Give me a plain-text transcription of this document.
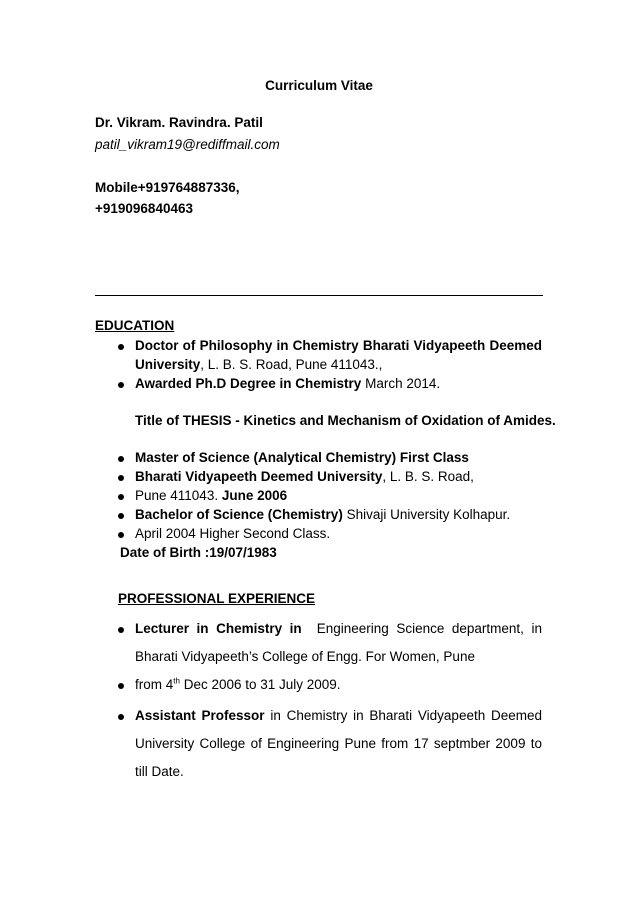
Curriculum Vitae
Dr. Vikram. Ravindra. Patil
patil_vikram19@rediffmail.com
Mobile+919764887336,
+919096840463
EDUCATION
Doctor of Philosophy in Chemistry Bharati Vidyapeeth Deemed
University, L. B. S. Road, Pune 411043.,
Awarded Ph.D Degree in Chemistry March 2014.
Title of THESIS - Kinetics and Mechanism of Oxidation of Amides.
Master of Science (Analytical Chemistry) First Class
Bharati Vidyapeeth Deemed University, L. B. S. Road,
Pune 411043. June 2006
Bachelor of Science (Chemistry) Shivaji University Kolhapur.
April 2004 Higher Second Class.
Date of Birth :19/07/1983
PROFESSIONAL EXPERIENCE
Lecturer in Chemistry in Engineering Science department, in
Bharati Vidyapeeth’s College of Engg. For Women, Pune
from 4th Dec 2006 to 31 July 2009.
Assistant Professor in Chemistry in Bharati Vidyapeeth Deemed
University College of Engineering Pune from 17 septmber 2009 to
till Date.
